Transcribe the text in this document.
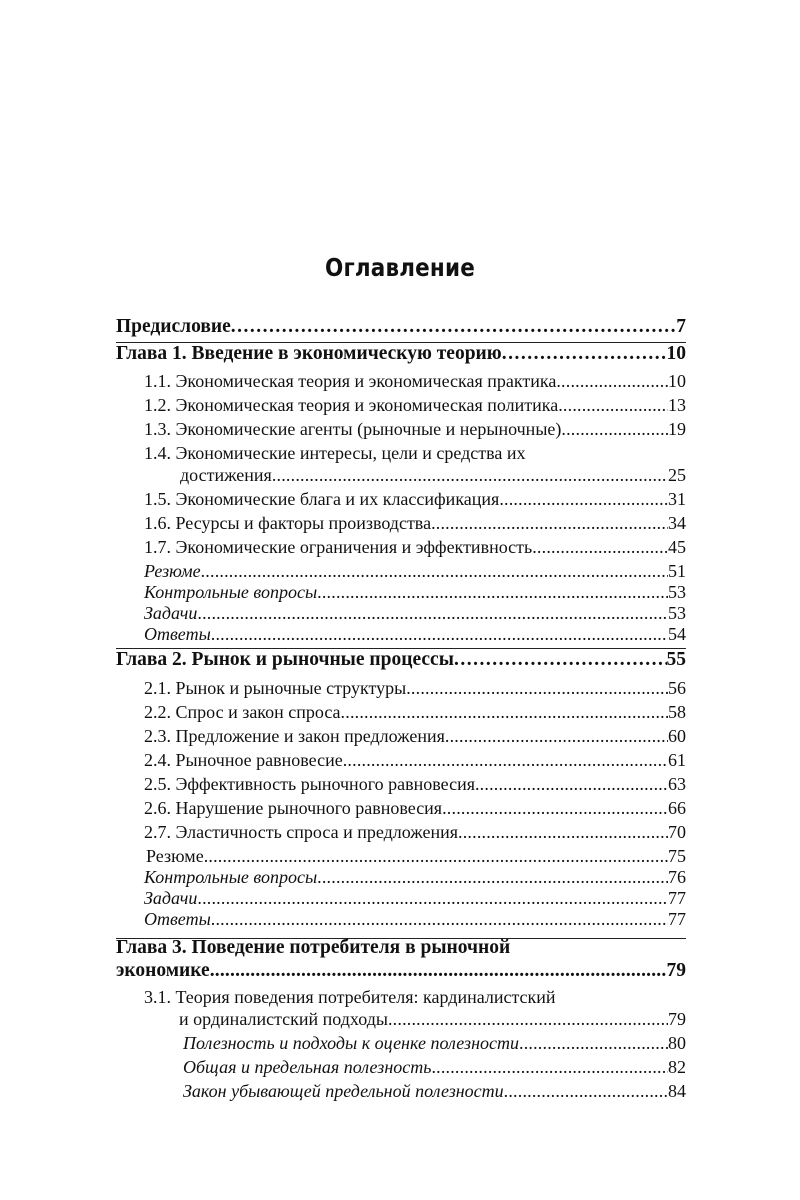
Оглавление
Предисловие .....	7
Глава 1. Введение в экономическую теорию .....	10
1.1. Экономическая теория и экономическая практика .....	10
1.2. Экономическая теория и экономическая политика .....	13
1.3. Экономические агенты (рыночные и нерыночные) .....	19
1.4. Экономические интересы, цели и средства их
достижения .....	25
1.5. Экономические блага и их классификация .....	31
1.6. Ресурсы и факторы производства .....	34
1.7. Экономические ограничения и эффективность .....	45
Резюме .....	51
Контрольные вопросы .....	53
Задачи .....	53
Ответы .....	54
Глава 2. Рынок и рыночные процессы .....	55
2.1. Рынок и рыночные структуры .....	56
2.2. Спрос и закон спроса .....	58
2.3. Предложение и закон предложения .....	60
2.4. Рыночное равновесие .....	61
2.5. Эффективность рыночного равновесия .....	63
2.6. Нарушение рыночного равновесия .....	66
2.7. Эластичность спроса и предложения .....	70
Резюме .....	75
Контрольные вопросы .....	76
Задачи .....	77
Ответы .....	77
Глава 3. Поведение потребителя в рыночной
экономике .....	79
3.1. Теория поведения потребителя: кардиналистский
и ординалистский подходы .....	79
Полезность и подходы к оценке полезности .....	80
Общая и предельная полезность .....	82
Закон убывающей предельной полезности .....	84
